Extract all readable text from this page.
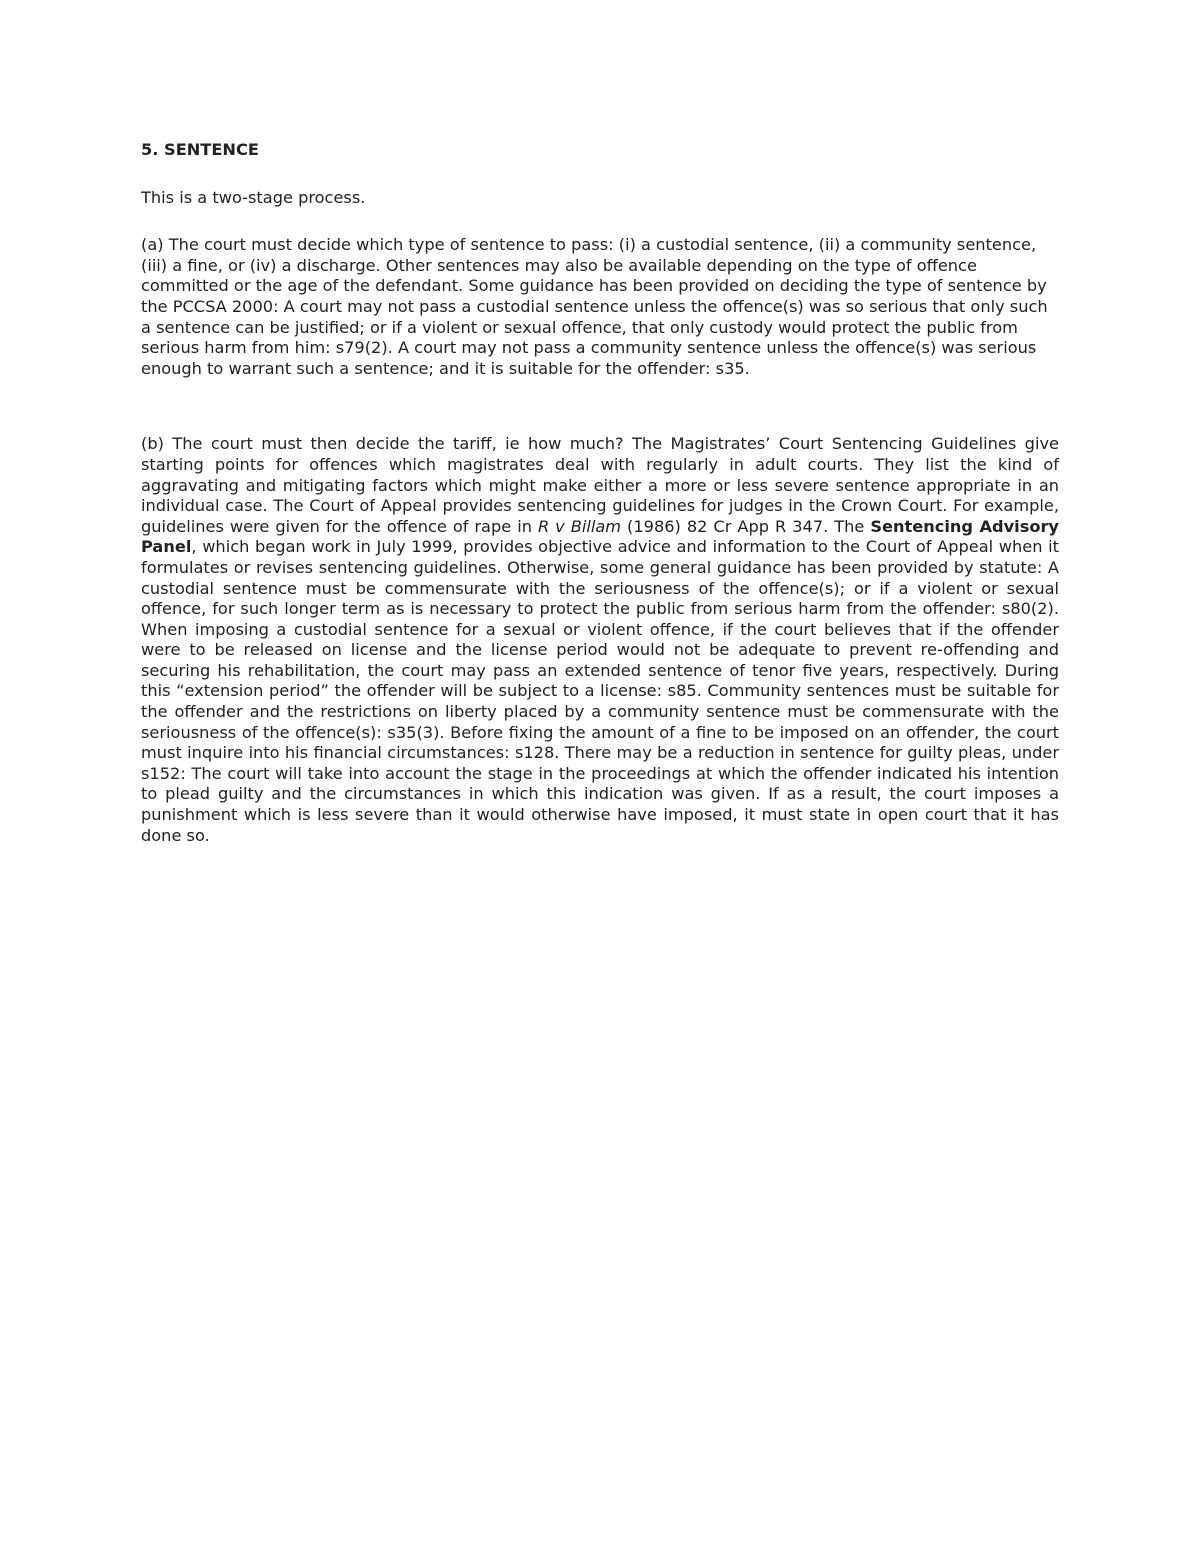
5. SENTENCE

This is a two-stage process.

(a) The court must decide which type of sentence to pass: (i) a custodial sentence, (ii) a community sentence, (iii) a fine, or (iv) a discharge. Other sentences may also be available depending on the type of offence committed or the age of the defendant. Some guidance has been provided on deciding the type of sentence by the PCCSA 2000: A court may not pass a custodial sentence unless the offence(s) was so serious that only such a sentence can be justified; or if a violent or sexual offence, that only custody would protect the public from serious harm from him: s79(2). A court may not pass a community sentence unless the offence(s) was serious enough to warrant such a sentence; and it is suitable for the offender: s35.

(b) The court must then decide the tariff, ie how much? The Magistrates’ Court Sentencing Guidelines give starting points for offences which magistrates deal with regularly in adult courts. They list the kind of aggravating and mitigating factors which might make either a more or less severe sentence appropriate in an individual case. The Court of Appeal provides sentencing guidelines for judges in the Crown Court. For example, guidelines were given for the offence of rape in R v Billam (1986) 82 Cr App R 347. The Sentencing Advisory Panel, which began work in July 1999, provides objective advice and information to the Court of Appeal when it formulates or revises sentencing guidelines. Otherwise, some general guidance has been provided by statute: A custodial sentence must be commensurate with the seriousness of the offence(s); or if a violent or sexual offence, for such longer term as is necessary to protect the public from serious harm from the offender: s80(2). When imposing a custodial sentence for a sexual or violent offence, if the court believes that if the offender were to be released on license and the license period would not be adequate to prevent re-offending and securing his rehabilitation, the court may pass an extended sentence of tenor five years, respectively. During this “extension period” the offender will be subject to a license: s85. Community sentences must be suitable for the offender and the restrictions on liberty placed by a community sentence must be commensurate with the seriousness of the offence(s): s35(3). Before fixing the amount of a fine to be imposed on an offender, the court must inquire into his financial circumstances: s128. There may be a reduction in sentence for guilty pleas, under s152: The court will take into account the stage in the proceedings at which the offender indicated his intention to plead guilty and the circumstances in which this indication was given. If as a result, the court imposes a punishment which is less severe than it would otherwise have imposed, it must state in open court that it has done so.
